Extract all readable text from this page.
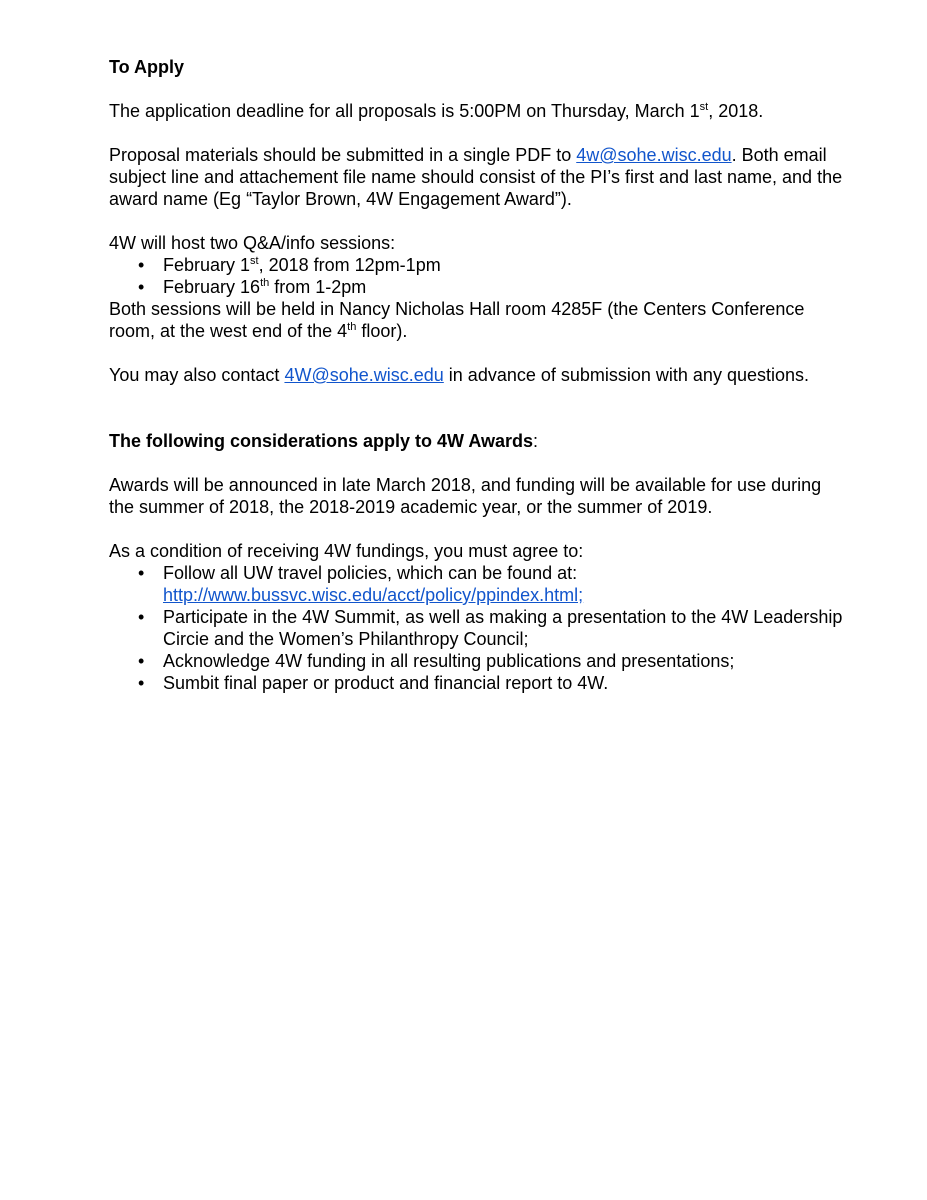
To Apply

The application deadline for all proposals is 5:00PM on Thursday, March 1st, 2018.

Proposal materials should be submitted in a single PDF to 4w@sohe.wisc.edu. Both email subject line and attachement file name should consist of the PI’s first and last name, and the award name (Eg “Taylor Brown, 4W Engagement Award”).

4W will host two Q&A/info sessions:

• February 1st, 2018 from 12pm-1pm
• February 16th from 1-2pm

Both sessions will be held in Nancy Nicholas Hall room 4285F (the Centers Conference room, at the west end of the 4th floor).

You may also contact 4W@sohe.wisc.edu in advance of submission with any questions.

The following considerations apply to 4W Awards:

Awards will be announced in late March 2018, and funding will be available for use during the summer of 2018, the 2018-2019 academic year, or the summer of 2019.

As a condition of receiving 4W fundings, you must agree to:

• Follow all UW travel policies, which can be found at: http://www.bussvc.wisc.edu/acct/policy/ppindex.html;
• Participate in the 4W Summit, as well as making a presentation to the 4W Leadership Circie and the Women’s Philanthropy Council;
• Acknowledge 4W funding in all resulting publications and presentations;
• Sumbit final paper or product and financial report to 4W.
